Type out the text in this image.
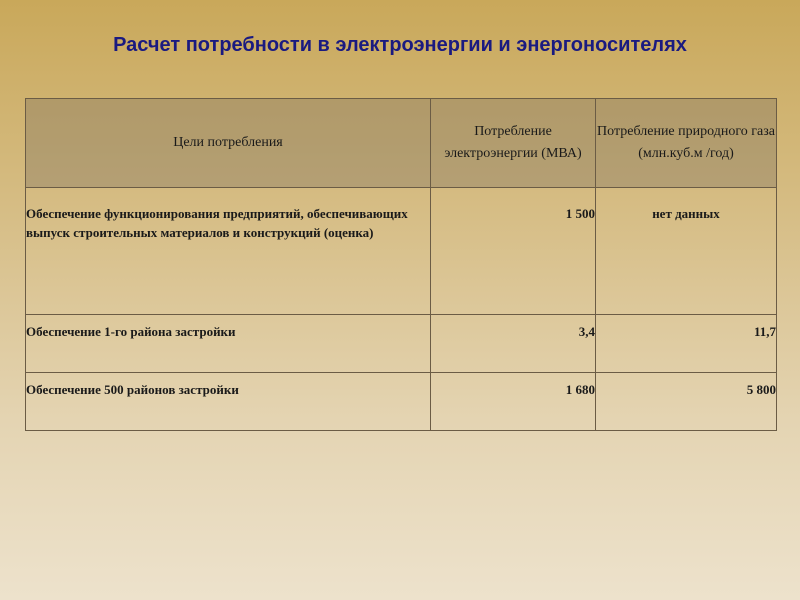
Расчет потребности в электроэнергии и энергоносителях
Цели потребления	Потребление электроэнергии (МВА)	Потребление природного газа (млн.куб.м /год)
Обеспечение функционирования предприятий, обеспечивающих выпуск строительных материалов и конструкций (оценка)	1 500	нет данных
Обеспечение 1-го района застройки	3,4	11,7
Обеспечение 500 районов застройки	1 680	5 800
